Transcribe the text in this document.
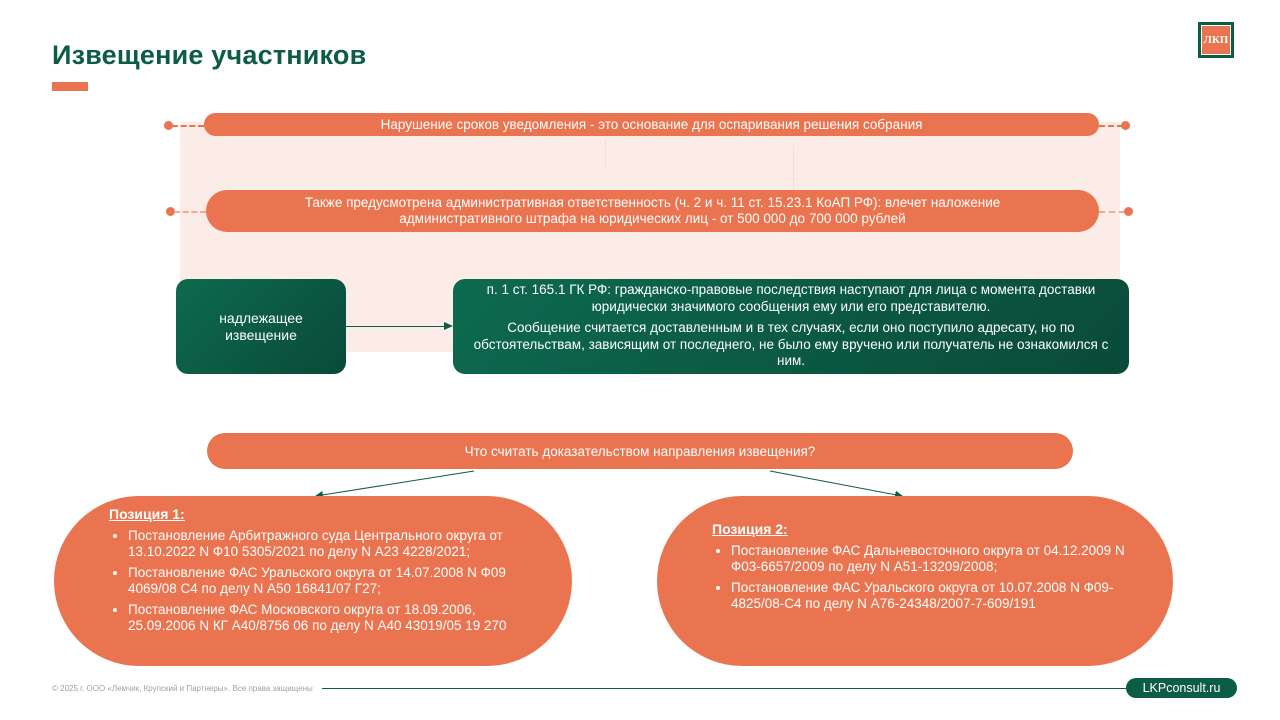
Извещение участников	ЛКП
Нарушение сроков уведомления - это основание для оспаривания решения собрания
Также предусмотрена административная ответственность (ч. 2 и ч. 11 ст. 15.23.1 КоАП РФ): влечет наложение административного штрафа на юридических лиц - от 500 000 до 700 000 рублей
надлежащее извещение

п. 1 ст. 165.1 ГК РФ: гражданско-правовые последствия наступают для лица с момента доставки юридически значимого сообщения ему или его представителю.

Сообщение считается доставленным и в тех случаях, если оно поступило адресату, но по обстоятельствам, зависящим от последнего, не было ему вручено или получатель не ознакомился с ним.

Что считать доказательством направления извещения?
Позиция 1:
• Постановление Арбитражного суда Центрального округа от 13.10.2022 N Ф10 5305/2021 по делу N А23 4228/2021;
• Постановление ФАС Уральского округа от 14.07.2008 N Ф09 4069/08 С4 по делу N А50 16841/07 Г27;
• Постановление ФАС Московского округа от 18.09.2006, 25.09.2006 N КГ А40/8756 06 по делу N А40 43019/05 19 270
Позиция 2:
• Постановление ФАС Дальневосточного округа от 04.12.2009 N Ф03-6657/2009 по делу N А51-13209/2008;
• Постановление ФАС Уральского округа от 10.07.2008 N Ф09-4825/08-С4 по делу N А76-24348/2007-7-609/191
© 2025 г. ООО «Лемчик, Крупский и Партнеры». Все права защищены	LKPconsult.ru
